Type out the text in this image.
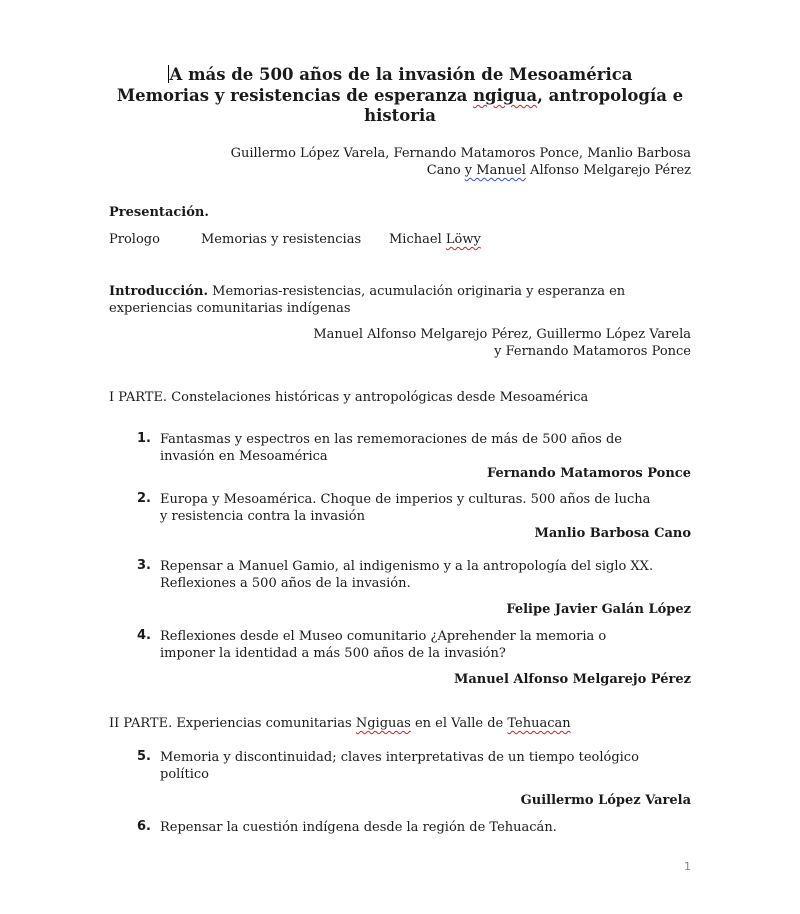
A más de 500 años de la invasión de Mesoamérica
Memorias y resistencias de esperanza ngigua, antropología e
historia
Guillermo López Varela, Fernando Matamoros Ponce, Manlio Barbosa
Cano y Manuel Alfonso Melgarejo Pérez
Presentación.
Prologo	Memorias y resistencias Michael Löwy
Introducción. Memorias-resistencias, acumulación originaria y esperanza en
experiencias comunitarias indígenas
Manuel Alfonso Melgarejo Pérez, Guillermo López Varela
y Fernando Matamoros Ponce
I PARTE. Constelaciones históricas y antropológicas desde Mesoamérica
1. Fantasmas y espectros en las rememoraciones de más de 500 años de
invasión en Mesoamérica
Fernando Matamoros Ponce
2. Europa y Mesoamérica. Choque de imperios y culturas. 500 años de lucha
y resistencia contra la invasión
Manlio Barbosa Cano
3. Repensar a Manuel Gamio, al indigenismo y a la antropología del siglo XX.
Reflexiones a 500 años de la invasión.
Felipe Javier Galán López
4. Reflexiones desde el Museo comunitario ¿Aprehender la memoria o
imponer la identidad a más 500 años de la invasión?
Manuel Alfonso Melgarejo Pérez
II PARTE. Experiencias comunitarias Ngiguas en el Valle de Tehuacan
5. Memoria y discontinuidad; claves interpretativas de un tiempo teológico
político
Guillermo López Varela
6. Repensar la cuestión indígena desde la región de Tehuacán.
1
